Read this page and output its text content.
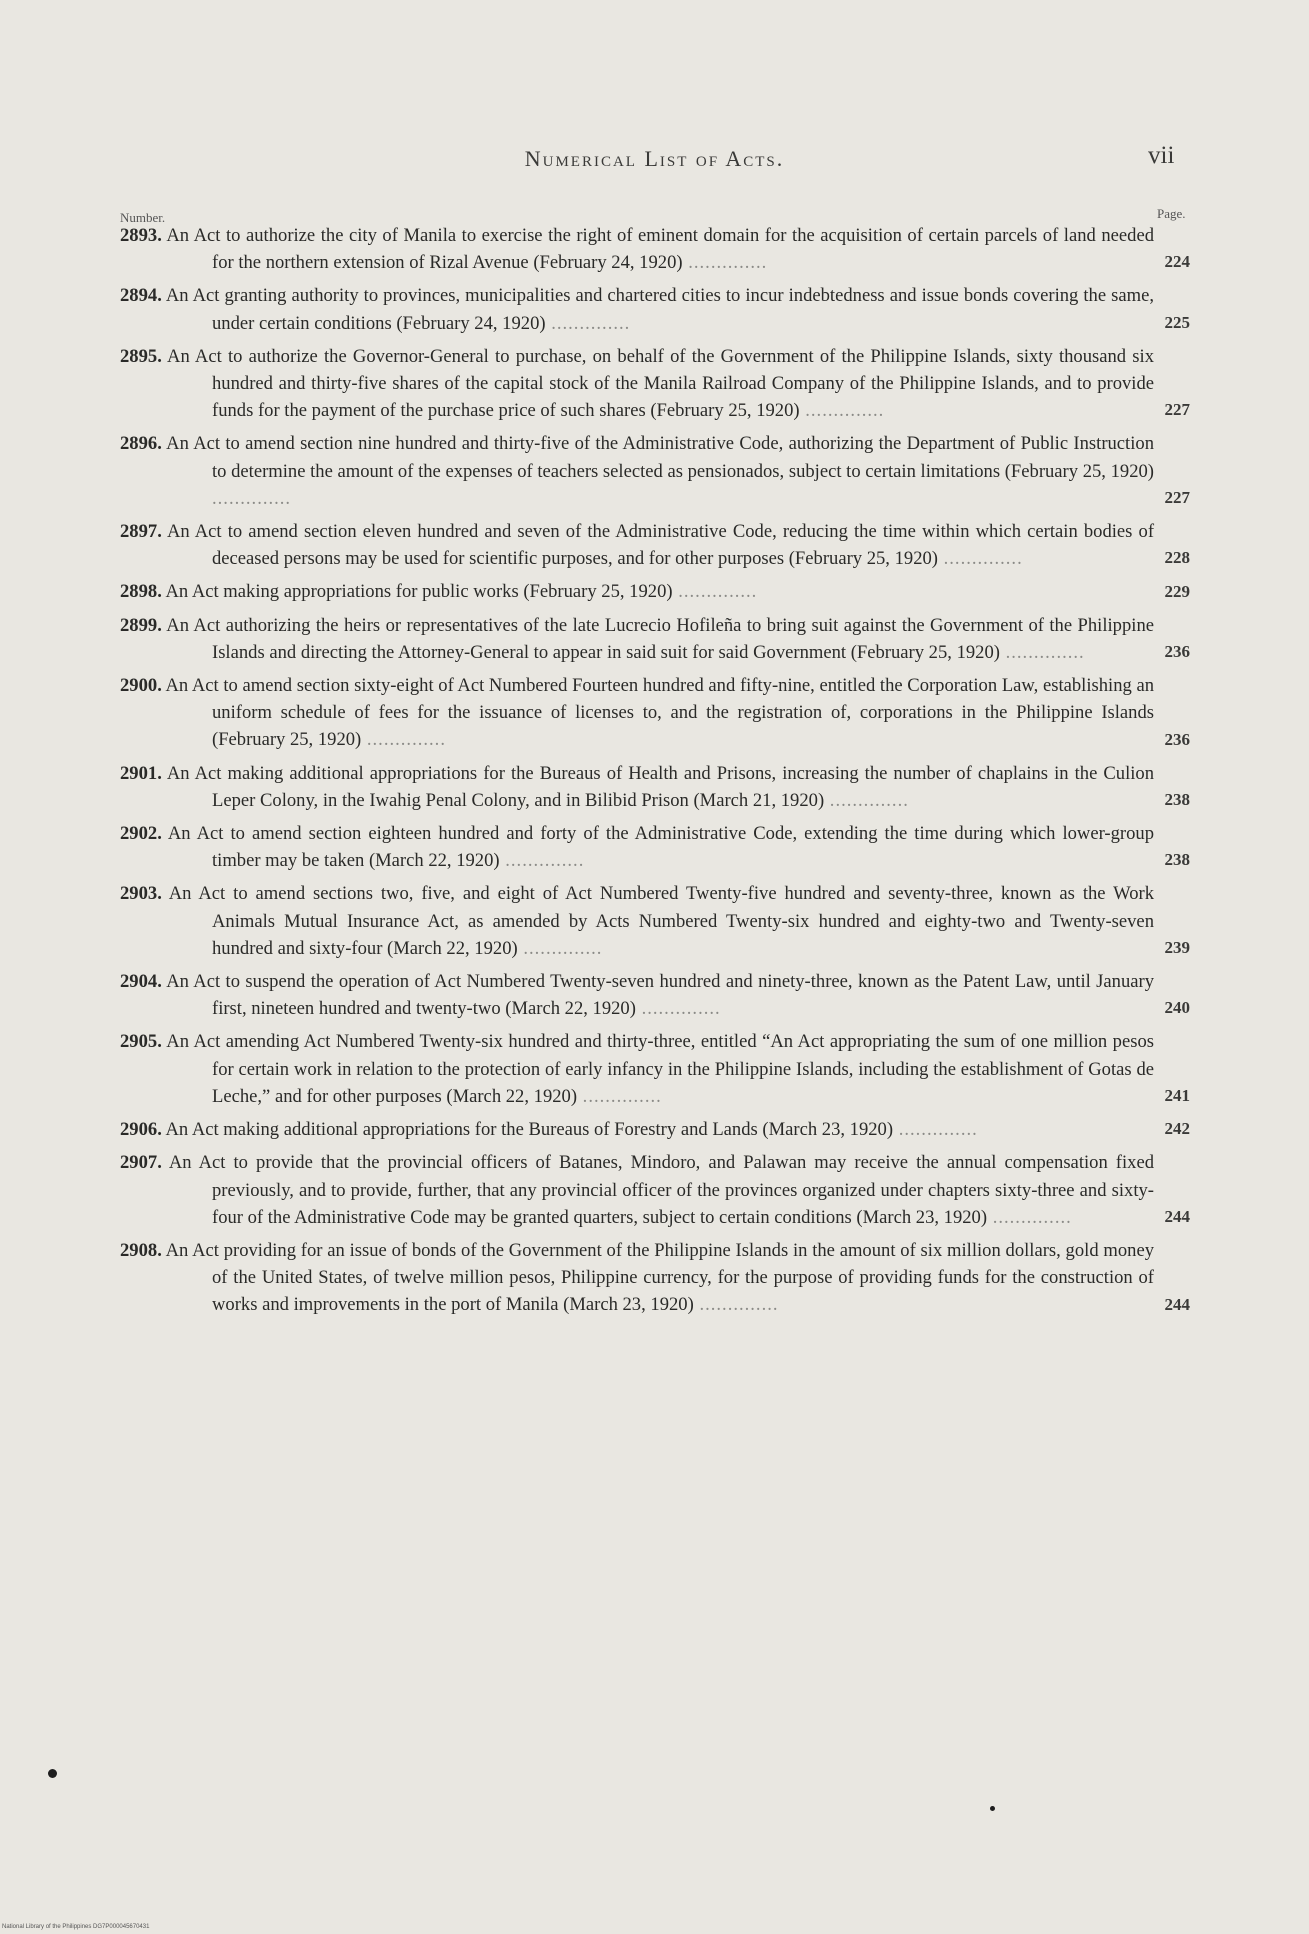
Numerical List of Acts.	vii
Number.	Page.
2893. An Act to authorize the city of Manila to exercise the right of eminent domain for the acquisition of certain parcels of land needed for the northern extension of Rizal Avenue (February 24, 1920) ..............	224
2894. An Act granting authority to provinces, municipalities and chartered cities to incur indebtedness and issue bonds covering the same, under certain conditions (February 24, 1920) ..............	225
2895. An Act to authorize the Governor-General to purchase, on behalf of the Government of the Philippine Islands, sixty thousand six hundred and thirty-five shares of the capital stock of the Manila Railroad Company of the Philippine Islands, and to provide funds for the payment of the purchase price of such shares (February 25, 1920) ..............	227
2896. An Act to amend section nine hundred and thirty-five of the Administrative Code, authorizing the Department of Public Instruction to determine the amount of the expenses of teachers selected as pensionados, subject to certain limitations (February 25, 1920) ..............	227
2897. An Act to amend section eleven hundred and seven of the Administrative Code, reducing the time within which certain bodies of deceased persons may be used for scientific purposes, and for other purposes (February 25, 1920) ..............	228
2898. An Act making appropriations for public works (February 25, 1920) ..............	229
2899. An Act authorizing the heirs or representatives of the late Lucrecio Hofileña to bring suit against the Government of the Philippine Islands and directing the Attorney-General to appear in said suit for said Government (February 25, 1920) ..............	236
2900. An Act to amend section sixty-eight of Act Numbered Fourteen hundred and fifty-nine, entitled the Corporation Law, establishing an uniform schedule of fees for the issuance of licenses to, and the registration of, corporations in the Philippine Islands (February 25, 1920) ..............	236
2901. An Act making additional appropriations for the Bureaus of Health and Prisons, increasing the number of chaplains in the Culion Leper Colony, in the Iwahig Penal Colony, and in Bilibid Prison (March 21, 1920) ..............	238
2902. An Act to amend section eighteen hundred and forty of the Administrative Code, extending the time during which lower-group timber may be taken (March 22, 1920) ..............	238
2903. An Act to amend sections two, five, and eight of Act Numbered Twenty-five hundred and seventy-three, known as the Work Animals Mutual Insurance Act, as amended by Acts Numbered Twenty-six hundred and eighty-two and Twenty-seven hundred and sixty-four (March 22, 1920) ..............	239
2904. An Act to suspend the operation of Act Numbered Twenty-seven hundred and ninety-three, known as the Patent Law, until January first, nineteen hundred and twenty-two (March 22, 1920) ..............	240
2905. An Act amending Act Numbered Twenty-six hundred and thirty-three, entitled “An Act appropriating the sum of one million pesos for certain work in relation to the protection of early infancy in the Philippine Islands, including the establishment of Gotas de Leche,” and for other purposes (March 22, 1920) ..............	241
2906. An Act making additional appropriations for the Bureaus of Forestry and Lands (March 23, 1920) ..............	242
2907. An Act to provide that the provincial officers of Batanes, Mindoro, and Palawan may receive the annual compensation fixed previously, and to provide, further, that any provincial officer of the provinces organized under chapters sixty-three and sixty-four of the Administrative Code may be granted quarters, subject to certain conditions (March 23, 1920) ..............	244
2908. An Act providing for an issue of bonds of the Government of the Philippine Islands in the amount of six million dollars, gold money of the United States, of twelve million pesos, Philippine currency, for the purpose of providing funds for the construction of works and improvements in the port of Manila (March 23, 1920) ..............	244
National Library of the Philippines DG7P000045670431
